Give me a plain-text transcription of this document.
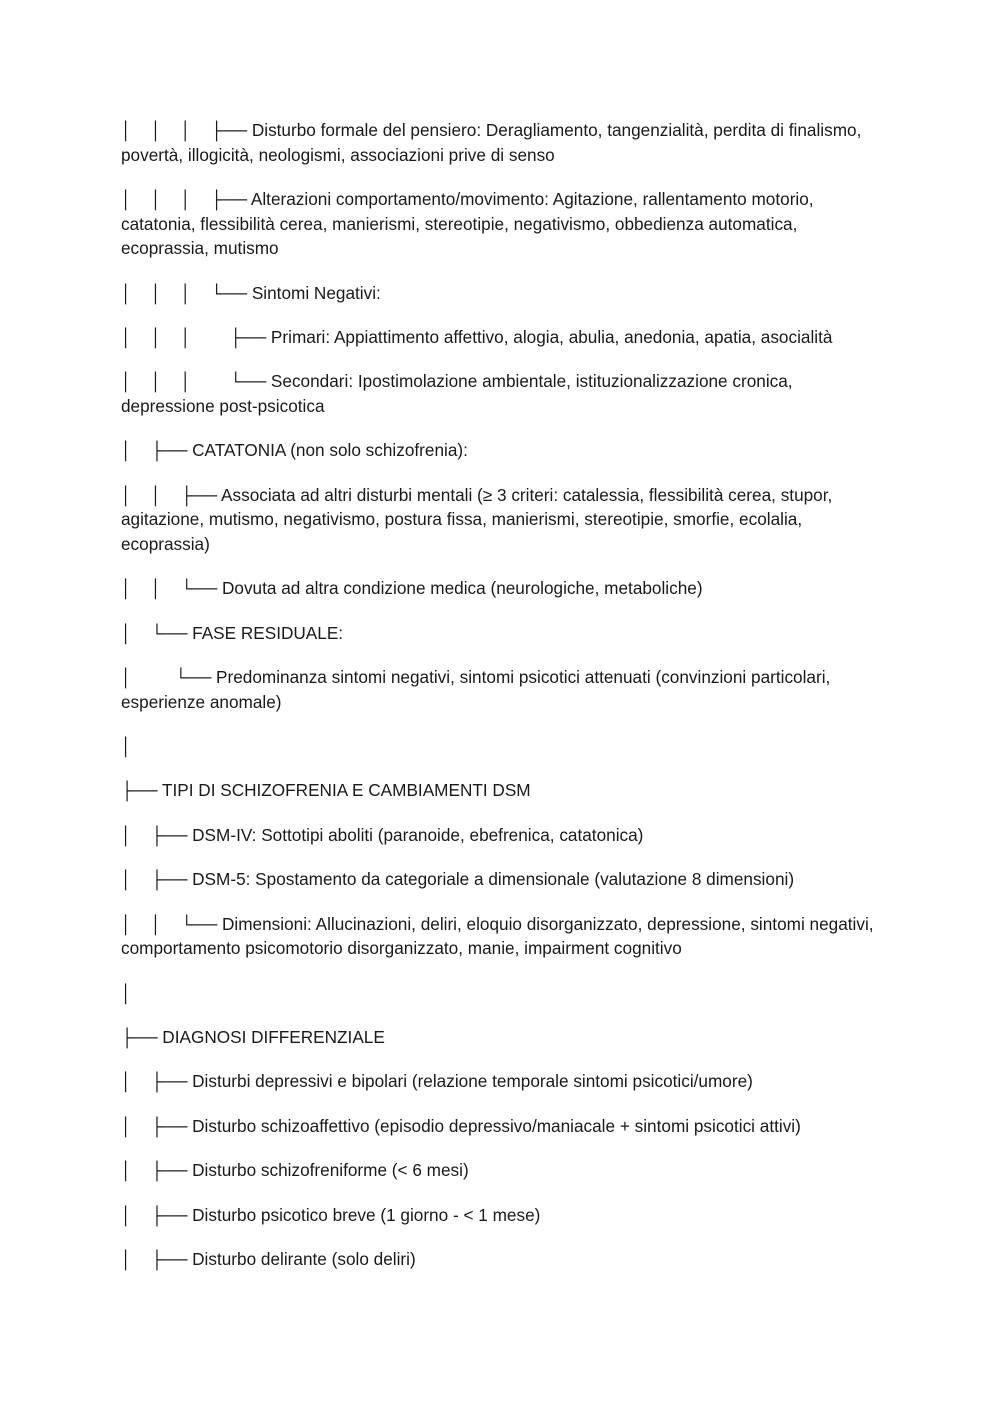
│    │    │    ├── Disturbo formale del pensiero: Deragliamento, tangenzialità, perdita di finalismo, povertà, illogicità, neologismi, associazioni prive di senso

│    │    │    ├── Alterazioni comportamento/movimento: Agitazione, rallentamento motorio, catatonia, flessibilità cerea, manierismi, stereotipie, negativismo, obbedienza automatica, ecoprassia, mutismo

│    │    │    └── Sintomi Negativi:

│    │    │        ├── Primari: Appiattimento affettivo, alogia, abulia, anedonia, apatia, asocialità

│    │    │        └── Secondari: Ipostimolazione ambientale, istituzionalizzazione cronica, depressione post-psicotica

│    ├── CATATONIA (non solo schizofrenia):

│    │    ├── Associata ad altri disturbi mentali (≥ 3 criteri: catalessia, flessibilità cerea, stupor, agitazione, mutismo, negativismo, postura fissa, manierismi, stereotipie, smorfie, ecolalia, ecoprassia)

│    │    └── Dovuta ad altra condizione medica (neurologiche, metaboliche)

│    └── FASE RESIDUALE:

│         └── Predominanza sintomi negativi, sintomi psicotici attenuati (convinzioni particolari, esperienze anomale)

│

├── TIPI DI SCHIZOFRENIA E CAMBIAMENTI DSM

│    ├── DSM-IV: Sottotipi aboliti (paranoide, ebefrenica, catatonica)

│    ├── DSM-5: Spostamento da categoriale a dimensionale (valutazione 8 dimensioni)

│    │    └── Dimensioni: Allucinazioni, deliri, eloquio disorganizzato, depressione, sintomi negativi, comportamento psicomotorio disorganizzato, manie, impairment cognitivo

│

├── DIAGNOSI DIFFERENZIALE

│    ├── Disturbi depressivi e bipolari (relazione temporale sintomi psicotici/umore)

│    ├── Disturbo schizoaffettivo (episodio depressivo/maniacale + sintomi psicotici attivi)

│    ├── Disturbo schizofreniforme (< 6 mesi)

│    ├── Disturbo psicotico breve (1 giorno - < 1 mese)

│    ├── Disturbo delirante (solo deliri)
